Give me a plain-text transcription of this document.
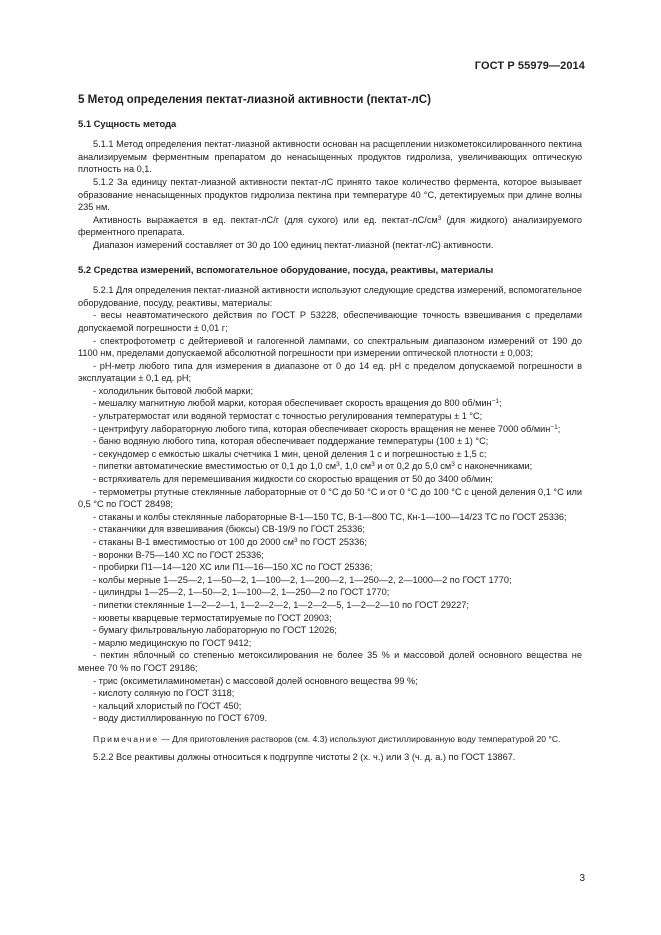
ГОСТ Р 55979—2014

5 Метод определения пектат-лиазной активности (пектат-лС)

5.1 Сущность метода

5.1.1 Метод определения пектат-лиазной активности основан на расщеплении низкометоксилированного пектина анализируемым ферментным препаратом до ненасыщенных продуктов гидролиза, увеличивающих оптическую плотность на 0,1.

5.1.2 За единицу пектат-лиазной активности пектат-лС принято такое количество фермента, которое вызывает образование ненасыщенных продуктов гидролиза пектина при температуре 40 °С, детектируемых при длине волны 235 нм.

Активность выражается в ед. пектат-лС/г (для сухого) или ед. пектат-$лС/см^3$ (для жидкого) анализируемого ферментного препарата.

Диапазон измерений составляет от 30 до 100 единиц пектат-лиазной (пектат-лС) активности.

5.2 Средства измерений, вспомогательное оборудование, посуда, реактивы, материалы

5.2.1 Для определения пектат-лиазной активности используют следующие средства измерений, вспомогательное оборудование, посуду, реактивы, материалы:

- весы неавтоматического действия по ГОСТ Р 53228, обеспечивающие точность взвешивания с пределами допускаемой погрешности ± 0,01 г;

- спектрофотометр с дейтериевой и галогенной лампами, со спектральным диапазоном измерений от 190 до 1100 нм, пределами допускаемой абсолютной погрешности при измерении оптической плотности ± 0,003;

- рН-метр любого типа для измерения в диапазоне от 0 до 14 ед. рН с пределом допускаемой погрешности в эксплуатации ± 0,1 ед. рН;

- холодильник бытовой любой марки;

- мешалку магнитную любой марки, которая обеспечивает скорость вращения до 800 об/мин$^{-1}$;

- ультратермостат или водяной термостат с точностью регулирования температуры ± 1 °С;

- центрифугу лабораторную любого типа, которая обеспечивает скорость вращения не менее 7000 об/мин$^{-1}$;

- баню водяную любого типа, которая обеспечивает поддержание температуры (100 ± 1) °С;

- секундомер с емкостью шкалы счетчика 1 мин, ценой деления 1 с и погрешностью ± 1,5 с;

- пипетки автоматические вместимостью от 0,1 до 1,0 $см^3$, 1,0 $см^3$ и от 0,2 до 5,0 $см^3$ с наконечниками;

- встряхиватель для перемешивания жидкости со скоростью вращения от 50 до 3400 об/мин;

- термометры ртутные стеклянные лабораторные от 0 °С до 50 °С и от 0 °С до 100 °С с ценой деления 0,1 °С или 0,5 °С по ГОСТ 28498;

- стаканы и колбы стеклянные лабораторные В-1—150 ТС, В-1—800 ТС, Кн-1—100—14/23 ТС по ГОСТ 25336;

- стаканчики для взвешивания (бюксы) СВ-19/9 по ГОСТ 25336;

- стаканы В-1 вместимостью от 100 до 2000 $см^3$ по ГОСТ 25336;

- воронки В-75—140 ХС по ГОСТ 25336;

- пробирки П1—14—120 ХС или П1—16—150 ХС по ГОСТ 25336;

- колбы мерные 1—25—2, 1—50—2, 1—100—2, 1—200—2, 1—250—2, 2—1000—2 по ГОСТ 1770;

- цилиндры 1—25—2, 1—50—2, 1—100—2, 1—250—2 по ГОСТ 1770;

- пипетки стеклянные 1—2—2—1, 1—2—2—2, 1—2—2—5, 1—2—2—10 по ГОСТ 29227;

- кюветы кварцевые термостатируемые по ГОСТ 20903;

- бумагу фильтровальную лабораторную по ГОСТ 12026;

- марлю медицинскую по ГОСТ 9412;

- пектин яблочный со степенью метоксилирования не более 35 % и массовой долей основного вещества не менее 70 % по ГОСТ 29186;

- трис (оксиметиламинометан) с массовой долей основного вещества 99 %;

- кислоту соляную по ГОСТ 3118;

- кальций хлористый по ГОСТ 450;

- воду дистиллированную по ГОСТ 6709.

Примечание — Для приготовления растворов (см. 4.3) используют дистиллированную воду температурой 20 °С.

5.2.2 Все реактивы должны относиться к подгруппе чистоты 2 (х. ч.) или 3 (ч. д. а.) по ГОСТ 13867.

3
